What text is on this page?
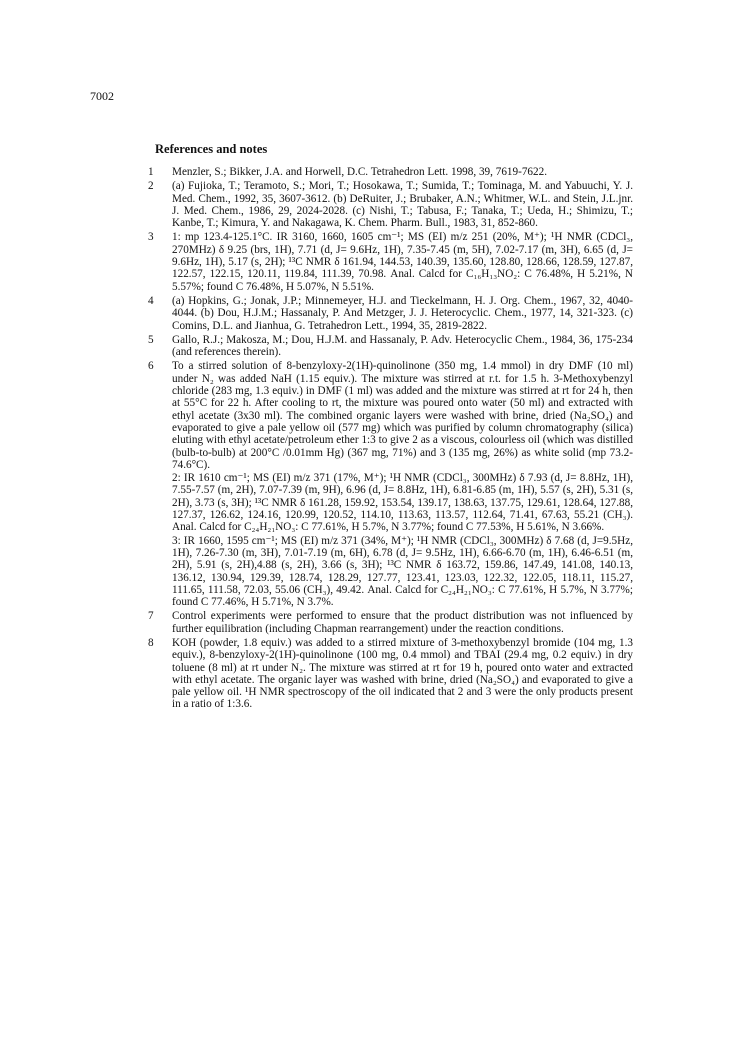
7002
References and notes
1	Menzler, S.; Bikker, J.A. and Horwell, D.C. Tetrahedron Lett. 1998, 39, 7619-7622.

2	(a) Fujioka, T.; Teramoto, S.; Mori, T.; Hosokawa, T.; Sumida, T.; Tominaga, M. and Yabuuchi, Y. J. Med. Chem., 1992, 35, 3607-3612. (b) DeRuiter, J.; Brubaker, A.N.; Whitmer, W.L. and Stein, J.L.jnr. J. Med. Chem., 1986, 29, 2024-2028. (c) Nishi, T.; Tabusa, F.; Tanaka, T.; Ueda, H.; Shimizu, T.; Kanbe, T.; Kimura, Y. and Nakagawa, K. Chem. Pharm. Bull., 1983, 31, 852-860.

3	1: mp 123.4-125.1°C. IR 3160, 1660, 1605 cm⁻¹; MS (EI) m/z 251 (20%, M⁺); ¹H NMR (CDCl₃, 270MHz) δ 9.25 (brs, 1H), 7.71 (d, J= 9.6Hz, 1H), 7.35-7.45 (m, 5H), 7.02-7.17 (m, 3H), 6.65 (d, J= 9.6Hz, 1H), 5.17 (s, 2H); ¹³C NMR δ 161.94, 144.53, 140.39, 135.60, 128.80, 128.66, 128.59, 127.87, 122.57, 122.15, 120.11, 119.84, 111.39, 70.98. Anal. Calcd for C₁₆H₁₃NO₂: C 76.48%, H 5.21%, N 5.57%; found C 76.48%, H 5.07%, N 5.51%.

4	(a) Hopkins, G.; Jonak, J.P.; Minnemeyer, H.J. and Tieckelmann, H. J. Org. Chem., 1967, 32, 4040-4044. (b) Dou, H.J.M.; Hassanaly, P. And Metzger, J. J. Heterocyclic. Chem., 1977, 14, 321-323. (c) Comins, D.L. and Jianhua, G. Tetrahedron Lett., 1994, 35, 2819-2822.

5	Gallo, R.J.; Makosza, M.; Dou, H.J.M. and Hassanaly, P. Adv. Heterocyclic Chem., 1984, 36, 175-234 (and references therein).

6	To a stirred solution of 8-benzyloxy-2(1H)-quinolinone (350 mg, 1.4 mmol) in dry DMF (10 ml) under N₂ was added NaH (1.15 equiv.). The mixture was stirred at r.t. for 1.5 h. 3-Methoxybenzyl chloride (283 mg, 1.3 equiv.) in DMF (1 ml) was added and the mixture was stirred at rt for 24 h, then at 55°C for 22 h. After cooling to rt, the mixture was poured onto water (50 ml) and extracted with ethyl acetate (3x30 ml). The combined organic layers were washed with brine, dried (Na₂SO₄) and evaporated to give a pale yellow oil (577 mg) which was purified by column chromatography (silica) eluting with ethyl acetate/petroleum ether 1:3 to give 2 as a viscous, colourless oil (which was distilled (bulb-to-bulb) at 200°C /0.01mm Hg) (367 mg, 71%) and 3 (135 mg, 26%) as white solid (mp 73.2-74.6°C).

2: IR 1610 cm⁻¹; MS (EI) m/z 371 (17%, M⁺); ¹H NMR (CDCl₃, 300MHz) δ 7.93 (d, J= 8.8Hz, 1H), 7.55-7.57 (m, 2H), 7.07-7.39 (m, 9H), 6.96 (d, J= 8.8Hz, 1H), 6.81-6.85 (m, 1H), 5.57 (s, 2H), 5.31 (s, 2H), 3.73 (s, 3H); ¹³C NMR δ 161.28, 159.92, 153.54, 139.17, 138.63, 137.75, 129.61, 128.64, 127.88, 127.37, 126.62, 124.16, 120.99, 120.52, 114.10, 113.63, 113.57, 112.64, 71.41, 67.63, 55.21 (CH₃). Anal. Calcd for C₂₄H₂₁NO₃: C 77.61%, H 5.7%, N 3.77%; found C 77.53%, H 5.61%, N 3.66%.

3: IR 1660, 1595 cm⁻¹; MS (EI) m/z 371 (34%, M⁺); ¹H NMR (CDCl₃, 300MHz) δ 7.68 (d, J=9.5Hz, 1H), 7.26-7.30 (m, 3H), 7.01-7.19 (m, 6H), 6.78 (d, J= 9.5Hz, 1H), 6.66-6.70 (m, 1H), 6.46-6.51 (m, 2H), 5.91 (s, 2H),4.88 (s, 2H), 3.66 (s, 3H); ¹³C NMR δ 163.72, 159.86, 147.49, 141.08, 140.13, 136.12, 130.94, 129.39, 128.74, 128.29, 127.77, 123.41, 123.03, 122.32, 122.05, 118.11, 115.27, 111.65, 111.58, 72.03, 55.06 (CH₃), 49.42. Anal. Calcd for C₂₄H₂₁NO₃: C 77.61%, H 5.7%, N 3.77%; found C 77.46%, H 5.71%, N 3.7%.

7	Control experiments were performed to ensure that the product distribution was not influenced by further equilibration (including Chapman rearrangement) under the reaction conditions.

8	KOH (powder, 1.8 equiv.) was added to a stirred mixture of 3-methoxybenzyl bromide (104 mg, 1.3 equiv.), 8-benzyloxy-2(1H)-quinolinone (100 mg, 0.4 mmol) and TBAI (29.4 mg, 0.2 equiv.) in dry toluene (8 ml) at rt under N₂. The mixture was stirred at rt for 19 h, poured onto water and extracted with ethyl acetate. The organic layer was washed with brine, dried (Na₂SO₄) and evaporated to give a pale yellow oil. ¹H NMR spectroscopy of the oil indicated that 2 and 3 were the only products present in a ratio of 1:3.6.
